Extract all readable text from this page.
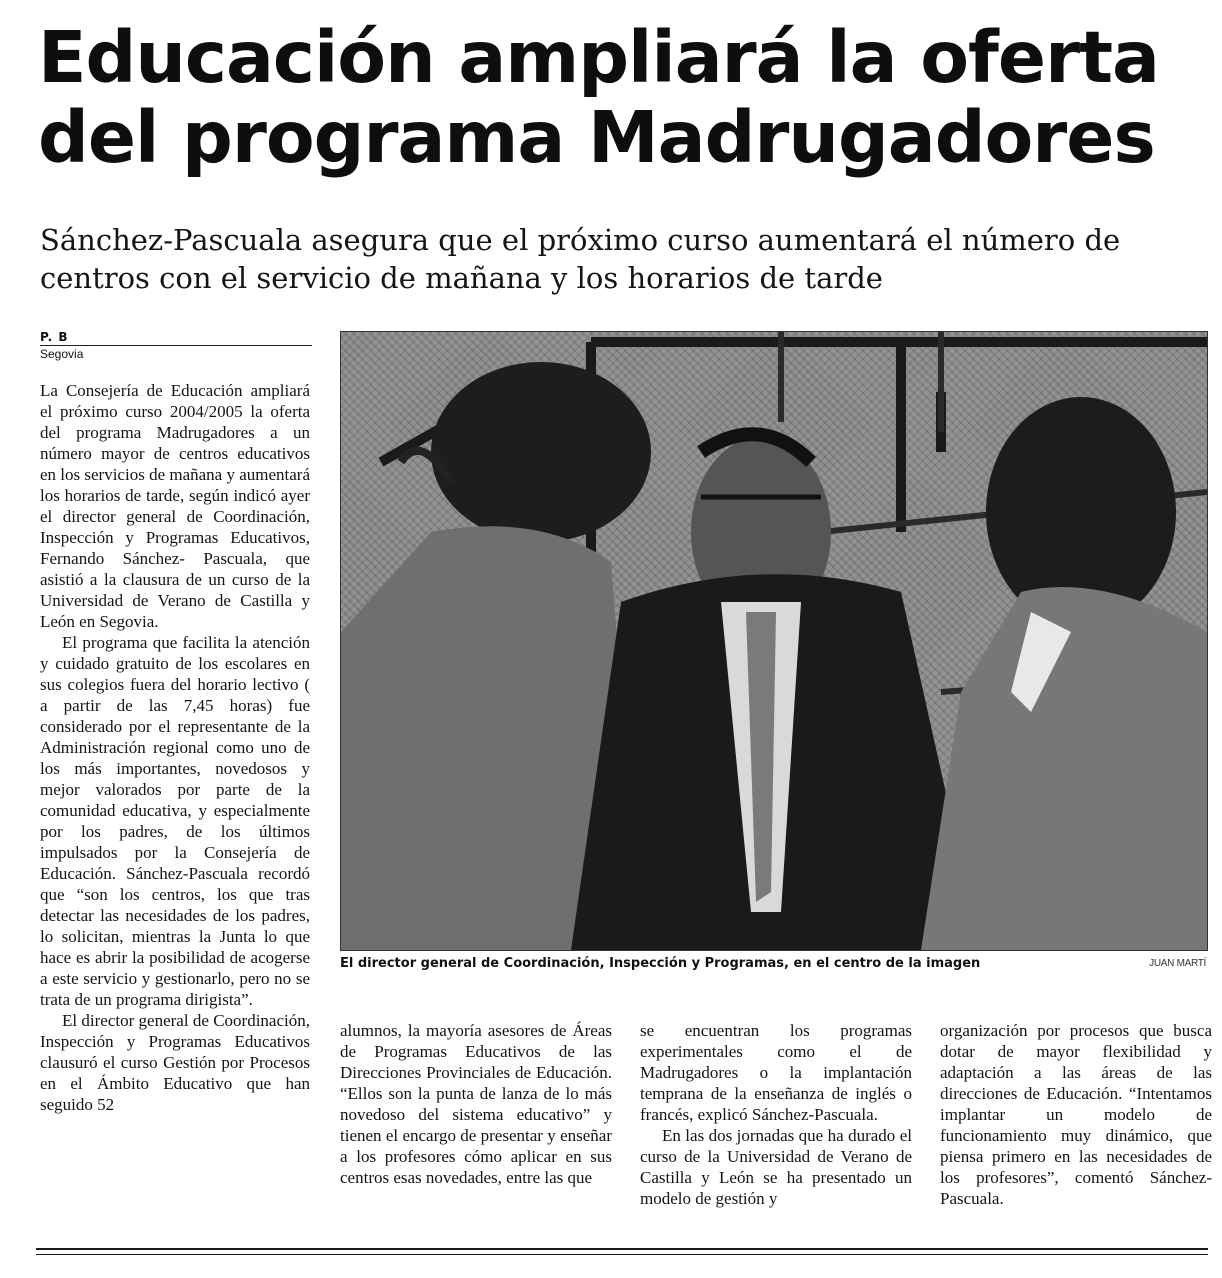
Educación ampliará la oferta
del programa Madrugadores

Sánchez-Pascuala asegura que el próximo curso aumentará el número de centros con el servicio de mañana y los horarios de tarde

P. B
Segovia

La Consejería de Educación ampliará el próximo curso 2004/2005 la oferta del programa Madrugadores a un número mayor de centros educativos en los servicios de mañana y aumentará los horarios de tarde, según indicó ayer el director general de Coordinación, Inspección y Programas Educativos, Fernando Sánchez- Pascuala, que asistió a la clausura de un curso de la Universidad de Verano de Castilla y León en Segovia.

El programa que facilita la atención y cuidado gratuito de los escolares en sus colegios fuera del horario lectivo ( a partir de las 7,45 horas) fue considerado por el representante de la Administración regional como uno de los más importantes, novedosos y mejor valorados por parte de la comunidad educativa, y especialmente por los padres, de los últimos impulsados por la Consejería de Educación. Sánchez-Pascuala recordó que “son los centros, los que tras detectar las necesidades de los padres, lo solicitan, mientras la Junta lo que hace es abrir la posibilidad de acogerse a este servicio y gestionarlo, pero no se trata de un programa dirigista”.

El director general de Coordinación, Inspección y Programas Educativos clausuró el curso Gestión por Procesos en el Ámbito Educativo que han seguido 52

El director general de Coordinación, Inspección y Programas, en el centro de la imagen	JUAN MARTÍ

alumnos, la mayoría asesores de Áreas de Programas Educativos de las Direcciones Provinciales de Educación. “Ellos son la punta de lanza de lo más novedoso del sistema educativo” y tienen el encargo de presentar y enseñar a los profesores cómo aplicar en sus centros esas novedades, entre las que

se encuentran los programas experimentales como el de Madrugadores o la implantación temprana de la enseñanza de inglés o francés, explicó Sánchez-Pascuala.

En las dos jornadas que ha durado el curso de la Universidad de Verano de Castilla y León se ha presentado un modelo de gestión y

organización por procesos que busca dotar de mayor flexibilidad y adaptación a las áreas de las direcciones de Educación. “Intentamos implantar un modelo de funcionamiento muy dinámico, que piensa primero en las necesidades de los profesores”, comentó Sánchez-Pascuala.
